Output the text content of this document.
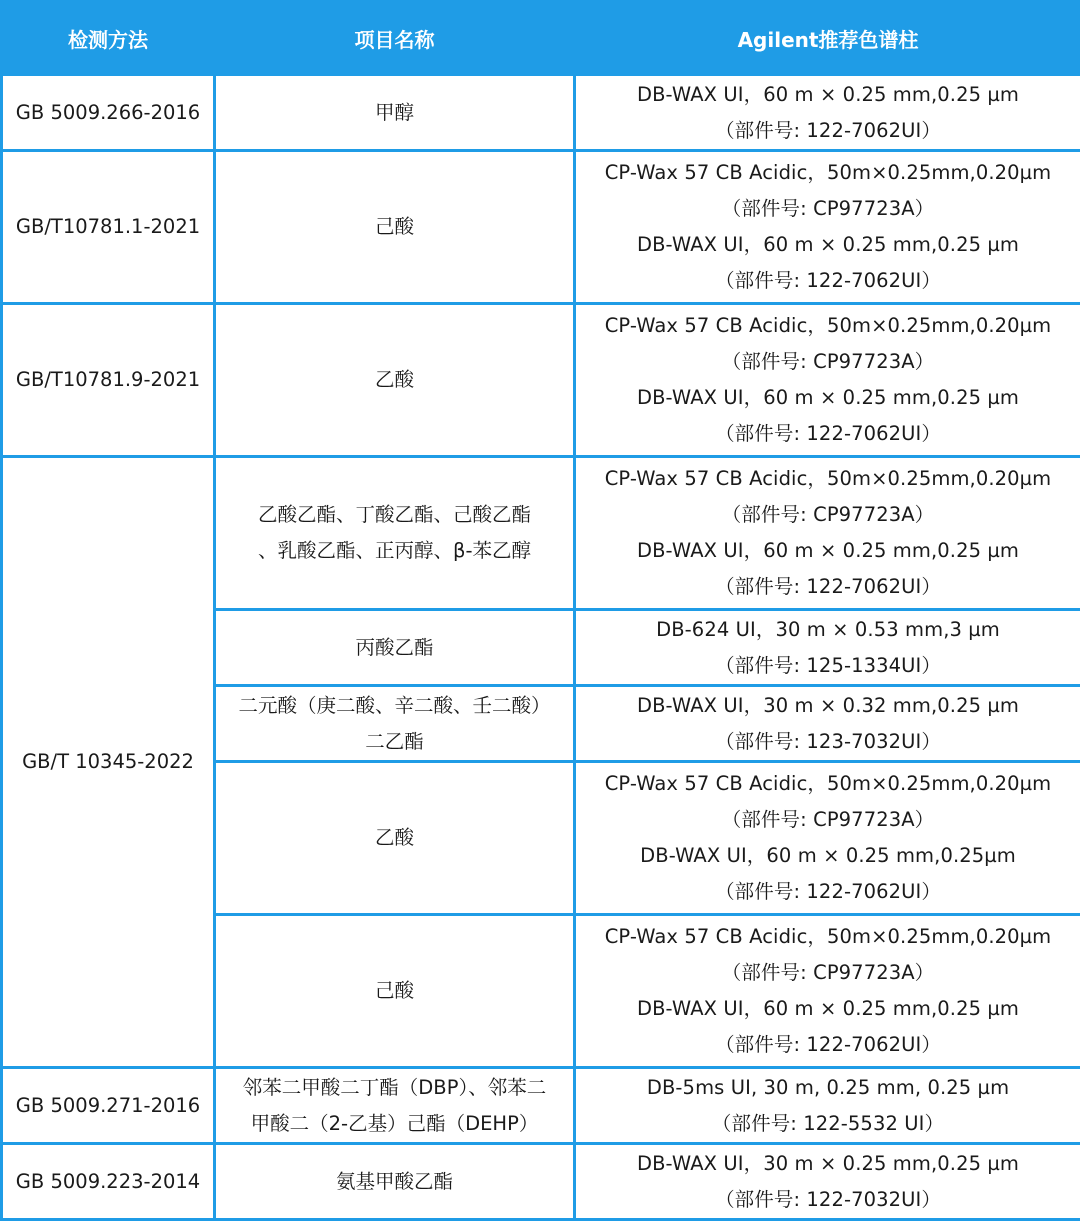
检测方法	项目名称	Agilent推荐色谱柱
GB 5009.266-2016	甲醇	DB-WAX UI，60 m × 0.25 mm,0.25 µm
（部件号: 122-7062UI）

GB/T10781.1-2021	己酸	CP-Wax 57 CB Acidic，50m×0.25mm,0.20µm
（部件号: CP97723A）
DB-WAX UI，60 m × 0.25 mm,0.25 µm
（部件号: 122-7062UI）

GB/T10781.9-2021	乙酸	CP-Wax 57 CB Acidic，50m×0.25mm,0.20µm
（部件号: CP97723A）
DB-WAX UI，60 m × 0.25 mm,0.25 µm
（部件号: 122-7062UI）

GB/T 10345-2022	乙酸乙酯、丁酸乙酯、己酸乙酯
、乳酸乙酯、正丙醇、β-苯乙醇	CP-Wax 57 CB Acidic，50m×0.25mm,0.20µm
（部件号: CP97723A）
DB-WAX UI，60 m × 0.25 mm,0.25 µm
（部件号: 122-7062UI）

	丙酸乙酯	DB-624 UI，30 m × 0.53 mm,3 µm
（部件号: 125-1334UI）

	二元酸（庚二酸、辛二酸、壬二酸）
二乙酯	DB-WAX UI，30 m × 0.32 mm,0.25 µm
（部件号: 123-7032UI）

	乙酸	CP-Wax 57 CB Acidic，50m×0.25mm,0.20µm
（部件号: CP97723A）
DB-WAX UI，60 m × 0.25 mm,0.25µm
（部件号: 122-7062UI）

	己酸	CP-Wax 57 CB Acidic，50m×0.25mm,0.20µm
（部件号: CP97723A）
DB-WAX UI，60 m × 0.25 mm,0.25 µm
（部件号: 122-7062UI）

GB 5009.271-2016	邻苯二甲酸二丁酯（DBP）、邻苯二
甲酸二（2-乙基）己酯（DEHP）	DB-5ms UI, 30 m, 0.25 mm, 0.25 µm
（部件号: 122-5532 UI）

GB 5009.223-2014	氨基甲酸乙酯	DB-WAX UI，30 m × 0.25 mm,0.25 µm
（部件号: 122-7032UI）
